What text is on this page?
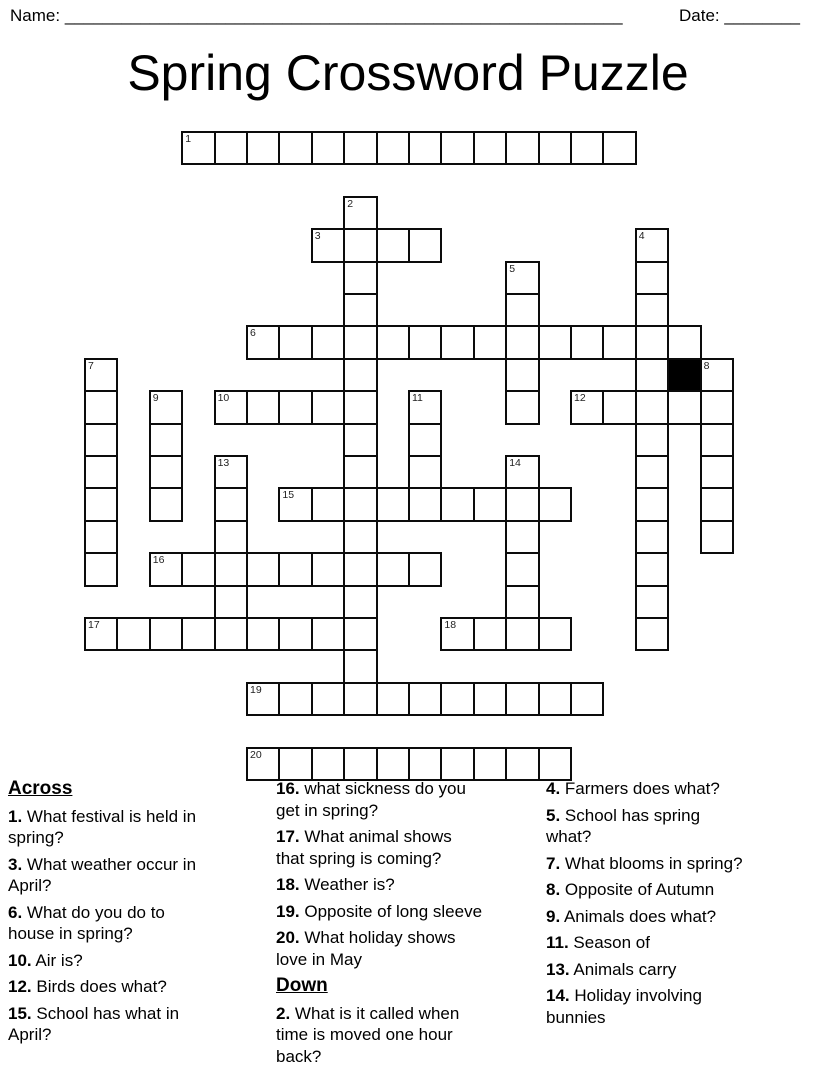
Name: ___________________________________________________________	Date: ________
Spring Crossword Puzzle
1
2
3	4
5
6
7	8
9	10	11	12
13	14
15
16
17	18
19
20
Across

1. What festival is held in
spring?

3. What weather occur in
April?

6. What do you do to
house in spring?

10. Air is?

12. Birds does what?

15. School has what in
April?

16. what sickness do you
get in spring?

17. What animal shows
that spring is coming?

18. Weather is?

19. Opposite of long sleeve

20. What holiday shows
love in May

Down

2. What is it called when
time is moved one hour
back?

4. Farmers does what?

5. School has spring
what?

7. What blooms in spring?

8. Opposite of Autumn

9. Animals does what?

11. Season of

13. Animals carry

14. Holiday involving
bunnies
